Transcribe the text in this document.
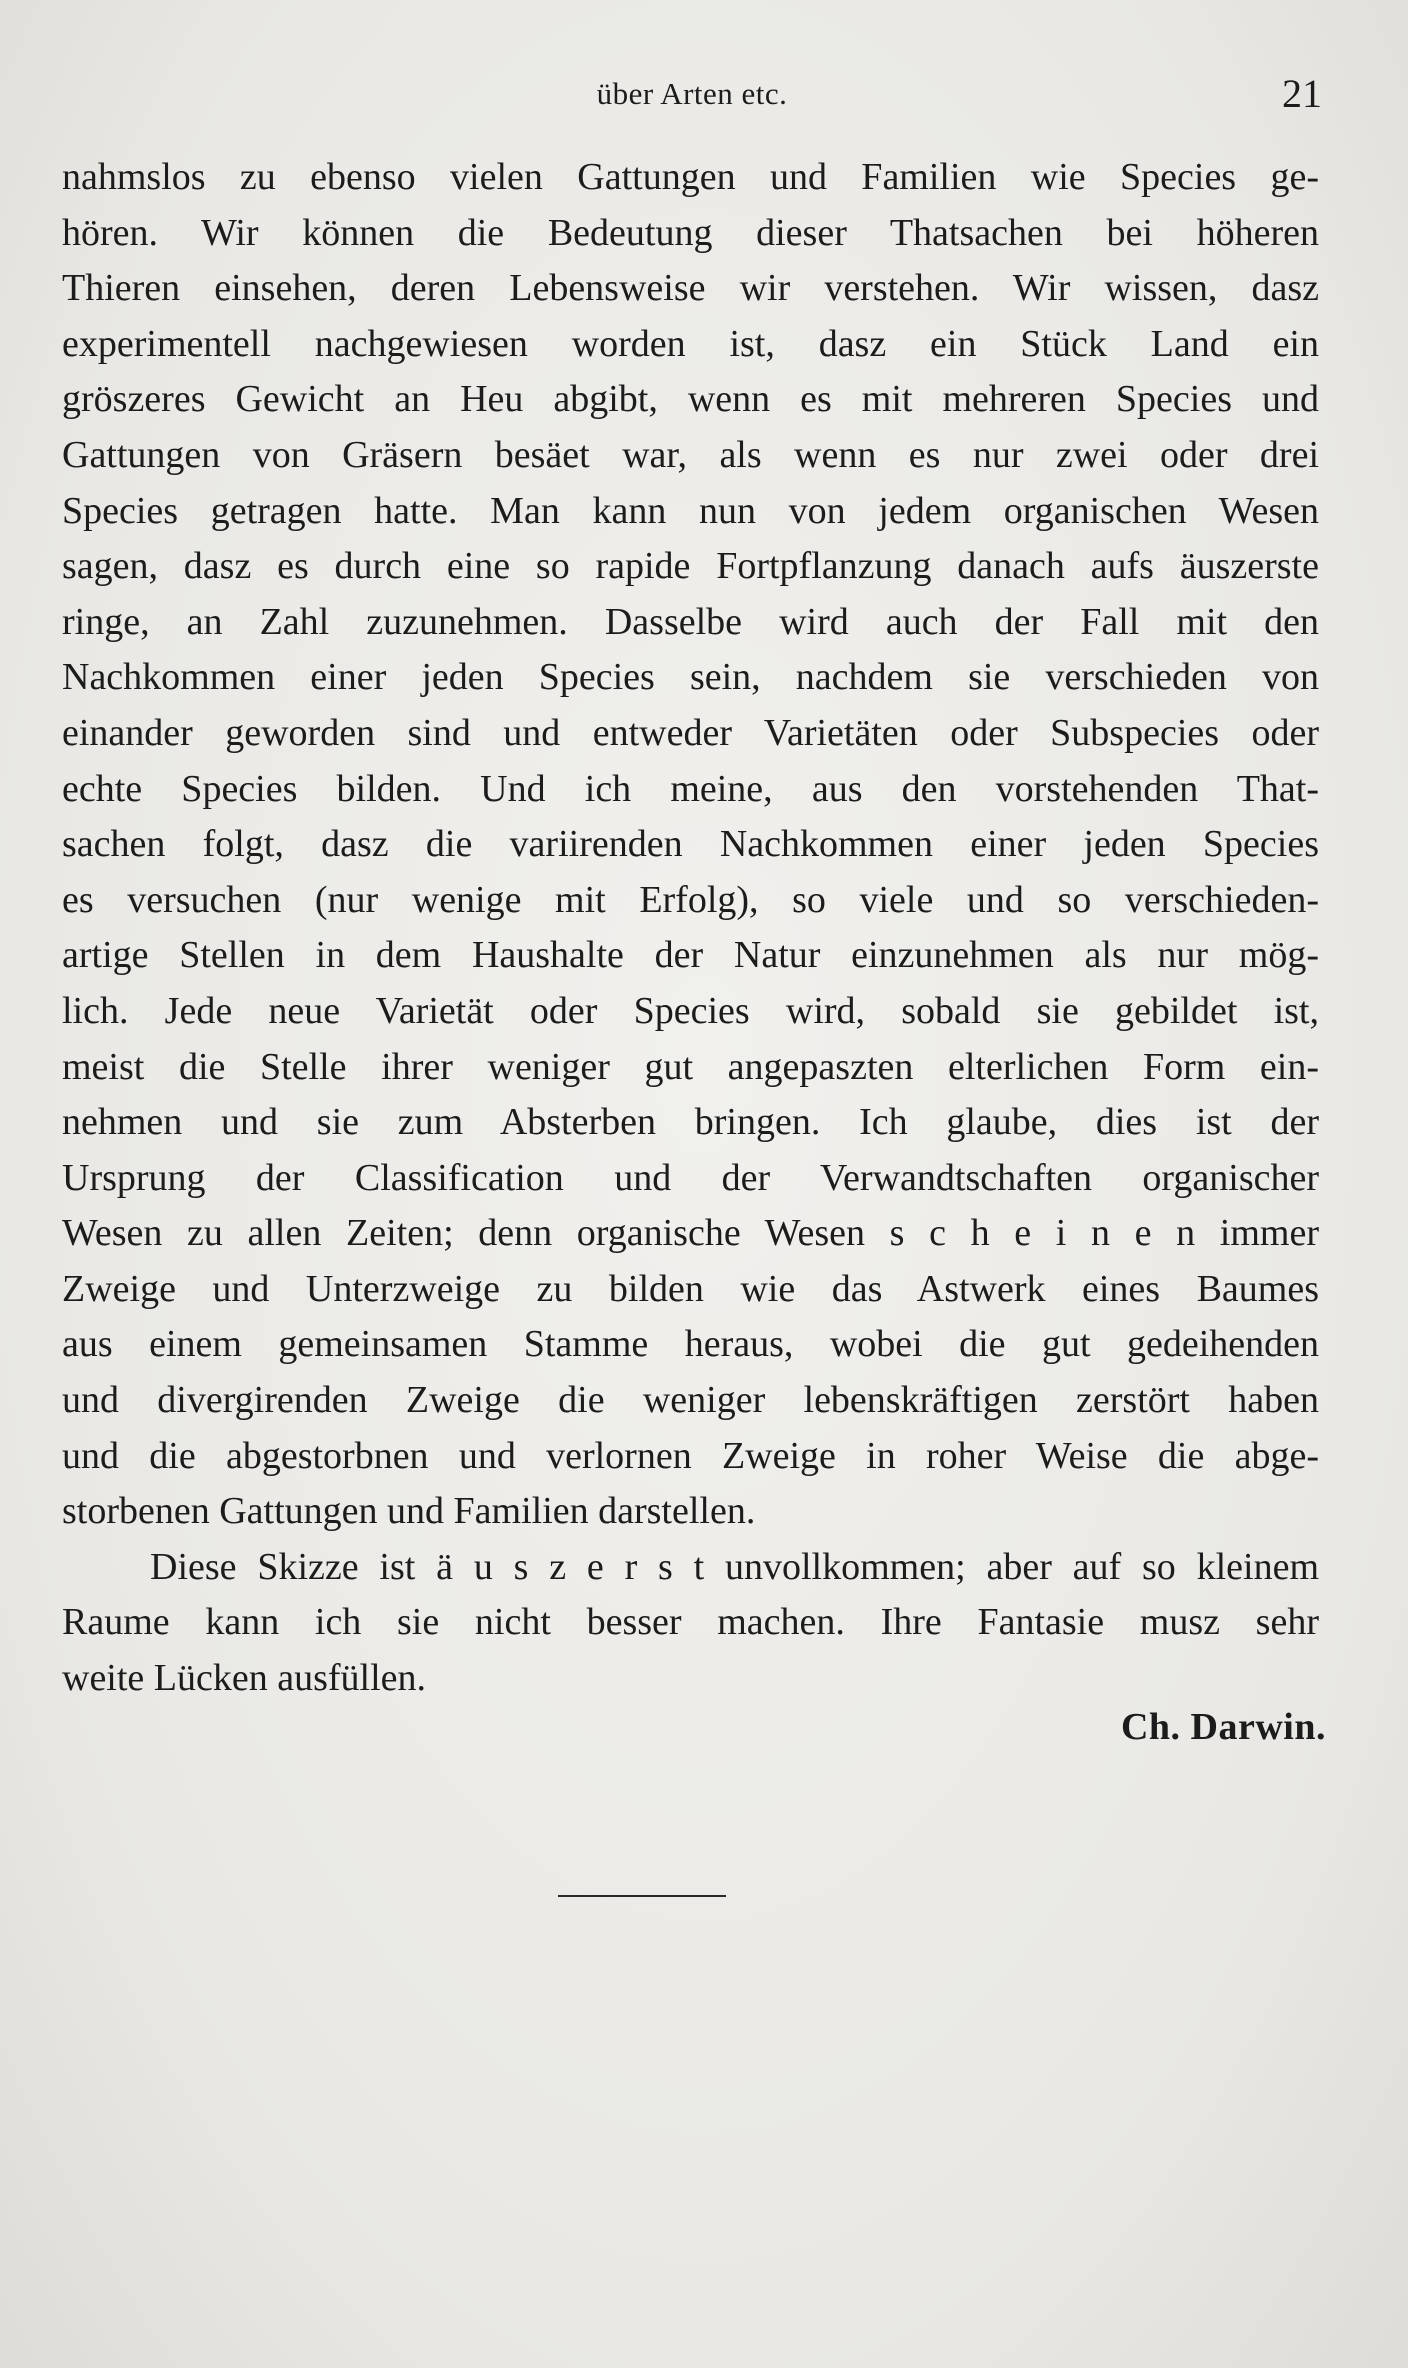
über Arten etc.	21
nahmslos zu ebenso vielen Gattungen und Familien wie Species ge-
hören. Wir können die Bedeutung dieser Thatsachen bei höheren
Thieren einsehen, deren Lebensweise wir verstehen. Wir wissen, dasz
experimentell nachgewiesen worden ist, dasz ein Stück Land ein
gröszeres Gewicht an Heu abgibt, wenn es mit mehreren Species und
Gattungen von Gräsern besäet war, als wenn es nur zwei oder drei
Species getragen hatte. Man kann nun von jedem organischen Wesen
sagen, dasz es durch eine so rapide Fortpflanzung danach aufs äuszerste
ringe, an Zahl zuzunehmen. Dasselbe wird auch der Fall mit den
Nachkommen einer jeden Species sein, nachdem sie verschieden von
einander geworden sind und entweder Varietäten oder Subspecies oder
echte Species bilden. Und ich meine, aus den vorstehenden That-
sachen folgt, dasz die variirenden Nachkommen einer jeden Species
es versuchen (nur wenige mit Erfolg), so viele und so verschieden-
artige Stellen in dem Haushalte der Natur einzunehmen als nur mög-
lich. Jede neue Varietät oder Species wird, sobald sie gebildet ist,
meist die Stelle ihrer weniger gut angepaszten elterlichen Form ein-
nehmen und sie zum Absterben bringen. Ich glaube, dies ist der
Ursprung der Classification und der Verwandtschaften organischer
Wesen zu allen Zeiten; denn organische Wesen s c h e i n e n immer
Zweige und Unterzweige zu bilden wie das Astwerk eines Baumes
aus einem gemeinsamen Stamme heraus, wobei die gut gedeihenden
und divergirenden Zweige die weniger lebenskräftigen zerstört haben
und die abgestorbnen und verlornen Zweige in roher Weise die abge-
storbenen Gattungen und Familien darstellen.
Diese Skizze ist ä u s z e r s t unvollkommen; aber auf so kleinem
Raume kann ich sie nicht besser machen. Ihre Fantasie musz sehr
weite Lücken ausfüllen.
Ch. Darwin.
